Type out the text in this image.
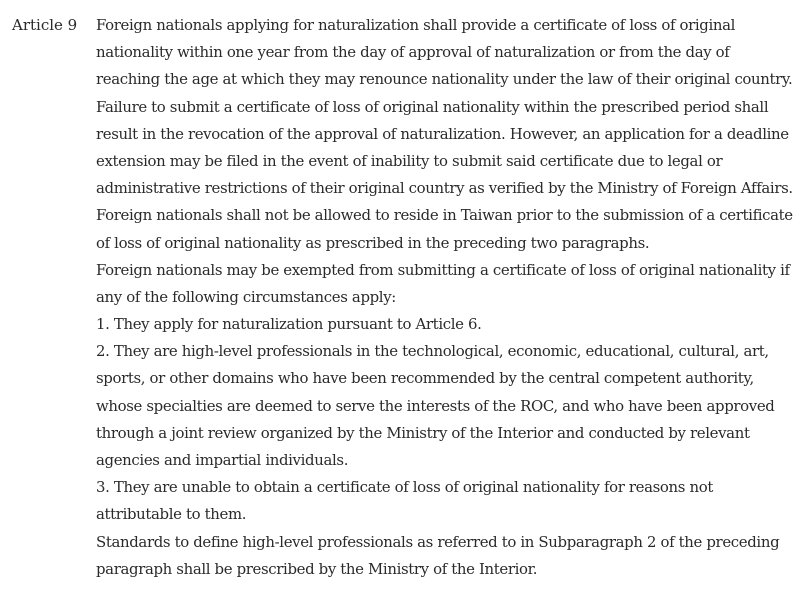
Article 9 Foreign nationals applying for naturalization shall provide a certificate of loss of original
nationality within one year from the day of approval of naturalization or from the day of
reaching the age at which they may renounce nationality under the law of their original country.
Failure to submit a certificate of loss of original nationality within the prescribed period shall
result in the revocation of the approval of naturalization. However, an application for a deadline
extension may be filed in the event of inability to submit said certificate due to legal or
administrative restrictions of their original country as verified by the Ministry of Foreign Affairs.
Foreign nationals shall not be allowed to reside in Taiwan prior to the submission of a certificate
of loss of original nationality as prescribed in the preceding two paragraphs.
Foreign nationals may be exempted from submitting a certificate of loss of original nationality if
any of the following circumstances apply:
1. They apply for naturalization pursuant to Article 6.
2. They are high-level professionals in the technological, economic, educational, cultural, art,
sports, or other domains who have been recommended by the central competent authority,
whose specialties are deemed to serve the interests of the ROC, and who have been approved
through a joint review organized by the Ministry of the Interior and conducted by relevant
agencies and impartial individuals.
3. They are unable to obtain a certificate of loss of original nationality for reasons not
attributable to them.
Standards to define high-level professionals as referred to in Subparagraph 2 of the preceding
paragraph shall be prescribed by the Ministry of the Interior.
